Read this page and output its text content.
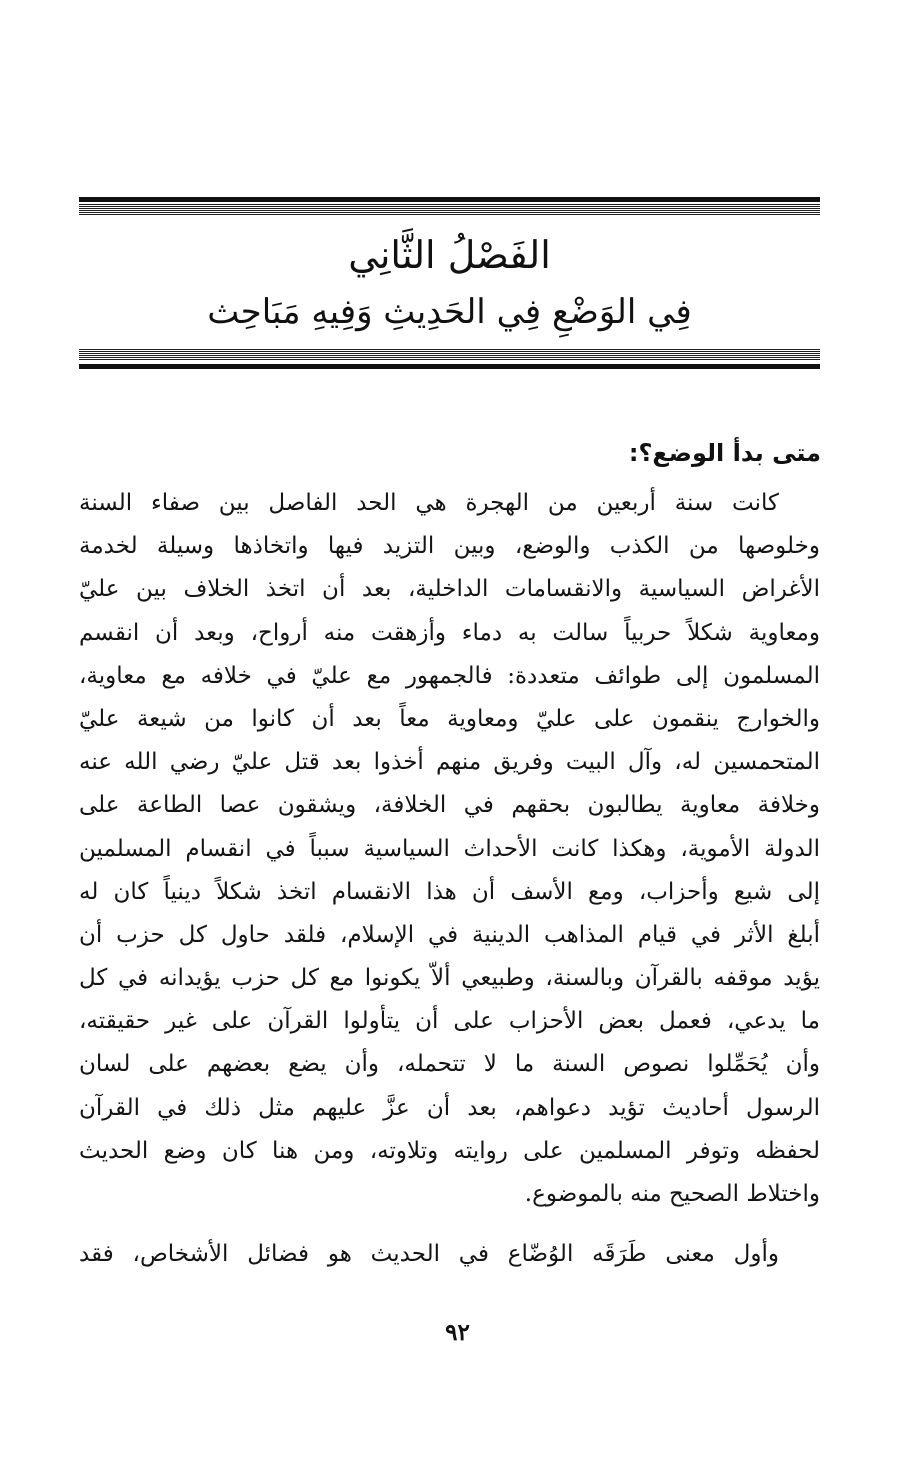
الفَصْلُ الثَّانِي
فِي الوَضْعِ فِي الحَدِيثِ وَفِيهِ مَبَاحِث
متى بدأ الوضع؟:
كانت سنة أربعين من الهجرة هي الحد الفاصل بين صفاء السنة
وخلوصها من الكذب والوضع، وبين التزيد فيها واتخاذها وسيلة لخدمة
الأغراض السياسية والانقسامات الداخلية، بعد أن اتخذ الخلاف بين عليّ
ومعاوية شكلاً حربياً سالت به دماء وأزهقت منه أرواح، وبعد أن انقسم
المسلمون إلى طوائف متعددة: فالجمهور مع عليّ في خلافه مع معاوية،
والخوارج ينقمون على عليّ ومعاوية معاً بعد أن كانوا من شيعة عليّ
المتحمسين له، وآل البيت وفريق منهم أخذوا بعد قتل عليّ رضي الله عنه
وخلافة معاوية يطالبون بحقهم في الخلافة، ويشقون عصا الطاعة على
الدولة الأموية، وهكذا كانت الأحداث السياسية سبباً في انقسام المسلمين
إلى شيع وأحزاب، ومع الأسف أن هذا الانقسام اتخذ شكلاً دينياً كان له
أبلغ الأثر في قيام المذاهب الدينية في الإسلام، فلقد حاول كل حزب أن
يؤيد موقفه بالقرآن وبالسنة، وطبيعي ألاّ يكونوا مع كل حزب يؤيدانه في كل
ما يدعي، فعمل بعض الأحزاب على أن يتأولوا القرآن على غير حقيقته،
وأن يُحَمِّلوا نصوص السنة ما لا تتحمله، وأن يضع بعضهم على لسان
الرسول أحاديث تؤيد دعواهم، بعد أن عزَّ عليهم مثل ذلك في القرآن
لحفظه وتوفر المسلمين على روايته وتلاوته، ومن هنا كان وضع الحديث
واختلاط الصحيح منه بالموضوع.
وأول معنى طَرَقَه الوُضّاع في الحديث هو فضائل الأشخاص، فقد
٩٢
